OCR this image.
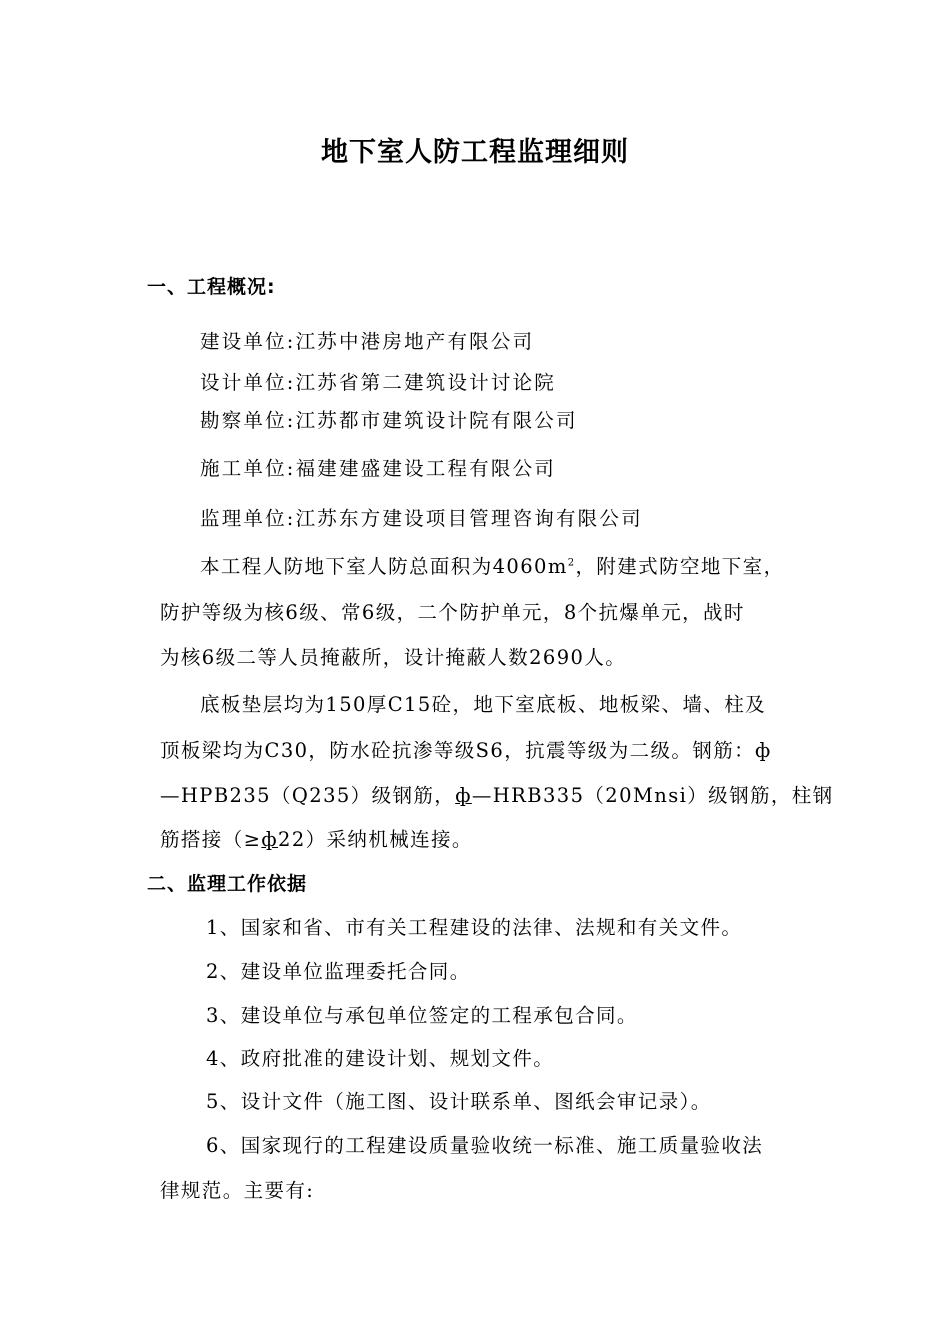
地下室人防工程监理细则
一、工程概况:
建设单位:江苏中港房地产有限公司
设计单位:江苏省第二建筑设计讨论院
勘察单位:江苏都市建筑设计院有限公司
施工单位:福建建盛建设工程有限公司
监理单位:江苏东方建设项目管理咨询有限公司
本工程人防地下室人防总面积为$4060m^2$，附建式防空地下室，
防护等级为核6级、常6级，二个防护单元，8个抗爆单元，战时
为核6级二等人员掩蔽所，设计掩蔽人数2690人。
底板垫层均为150厚C15砼，地下室底板、地板梁、墙、柱及
顶板梁均为C30，防水砼抗渗等级S6，抗震等级为二级。钢筋：ф
—HPB235（Q235）级钢筋，ф—HRB335（20Mnsi）级钢筋，柱钢
筋搭接（≥ф22）采纳机械连接。
二、监理工作依据
1、国家和省、市有关工程建设的法律、法规和有关文件。
2、建设单位监理委托合同。
3、建设单位与承包单位签定的工程承包合同。
4、政府批准的建设计划、规划文件。
5、设计文件（施工图、设计联系单、图纸会审记录）。
6、国家现行的工程建设质量验收统一标准、施工质量验收法
律规范。主要有:
